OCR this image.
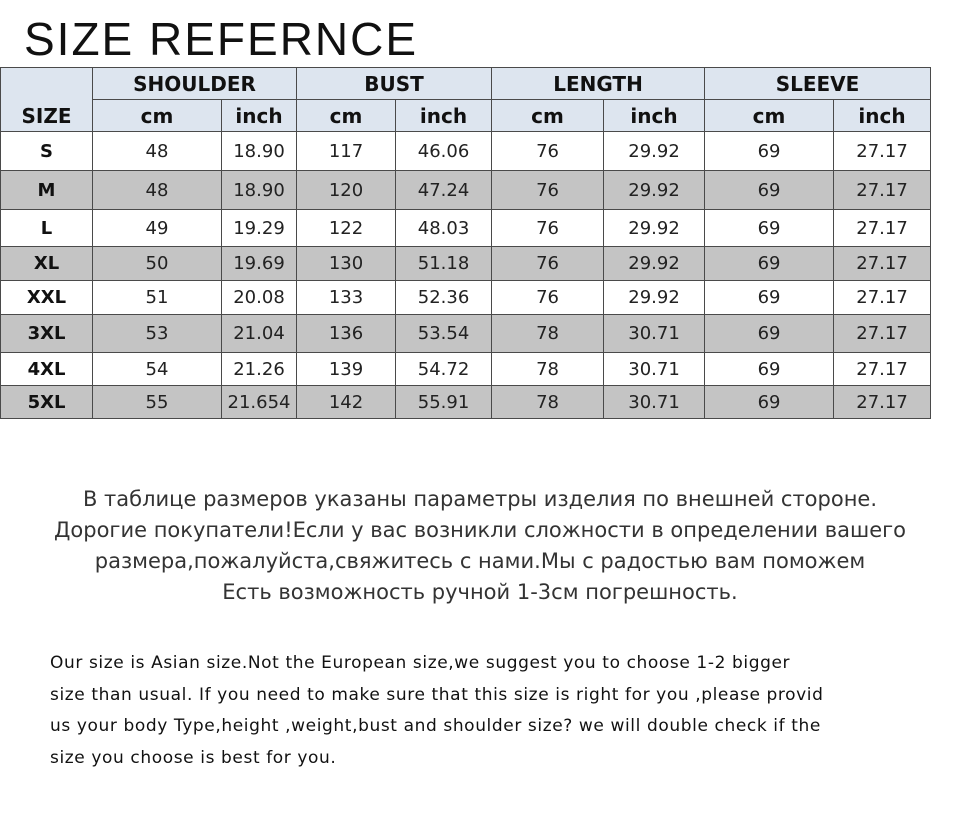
SIZE REFERNCE
SIZE	SHOULDER		BUST		LENGTH		SLEEVE	
	cm	inch	cm	inch	cm	inch	cm	inch
S	48	18.90	117	46.06	76	29.92	69	27.17
M	48	18.90	120	47.24	76	29.92	69	27.17
L	49	19.29	122	48.03	76	29.92	69	27.17
XL	50	19.69	130	51.18	76	29.92	69	27.17
XXL	51	20.08	133	52.36	76	29.92	69	27.17
3XL	53	21.04	136	53.54	78	30.71	69	27.17
4XL	54	21.26	139	54.72	78	30.71	69	27.17
5XL	55	21.654	142	55.91	78	30.71	69	27.17
В таблице размеров указаны параметры изделия по внешней стороне.
Дорогие покупатели!Если у вас возникли сложности в определении вашего
размера,пожалуйста,свяжитесь с нами.Мы с радостью вам поможем
Есть возможность ручной 1-3см погрешность.
Our size is Asian size.Not the European size,we suggest you to choose 1-2 bigger
size than usual. If you need to make sure that this size is right for you ,please provid
us your body Type,height ,weight,bust and shoulder size? we will double check if the
size you choose is best for you.
